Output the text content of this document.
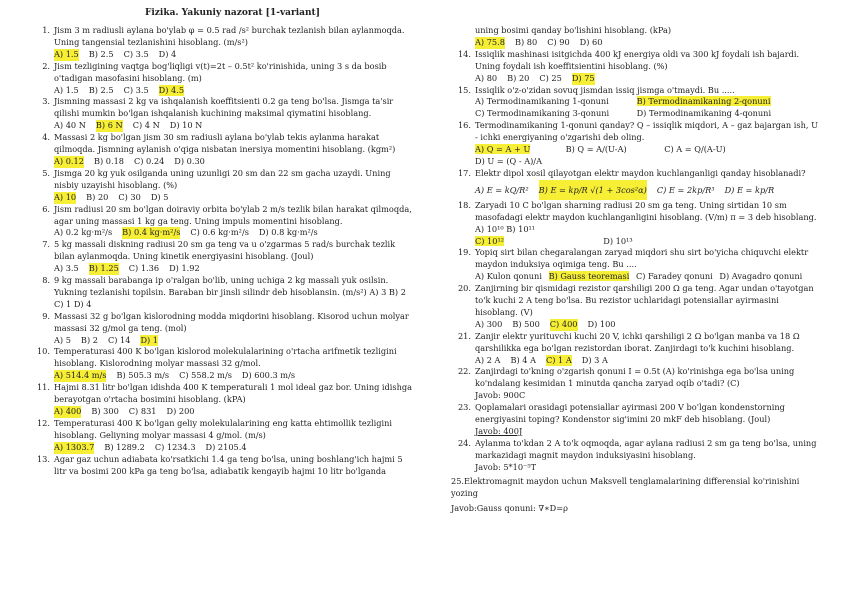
Fizika. Yakuniy nazorat [1-variant]
1. Jism 3 m radiusli aylana bo'ylab φ = 0.5 rad /s² burchak tezlanish bilan aylanmoqda. Uning tangensial tezlanishini hisoblang. (m/s²)
A) 1.5 B) 2.5 C) 3.5 D) 4
2. Jism tezligining vaqtga bog'liqligi v(t)=2t – 0.5t² ko'rinishida, uning 3 s da bosib o'tadigan masofasini hisoblang. (m)
A) 1.5 B) 2.5 C) 3.5 D) 4.5
3. Jismning massasi 2 kg va ishqalanish koeffitsienti 0.2 ga teng bo'lsa. Jismga ta'sir qilishi mumkin bo'lgan ishqalanish kuchining maksimal qiymatini hisoblang.
A) 40 N B) 6 N C) 4 N D) 10 N
4. Massasi 2 kg bo'lgan jism 30 sm radiusli aylana bo'ylab tekis aylanma harakat qilmoqda. Jismning aylanish o'qiga nisbatan inersiya momentini hisoblang. (kgm²)
A) 0.12 B) 0.18 C) 0.24 D) 0.30
5. Jismga 20 kg yuk osilganda uning uzunligi 20 sm dan 22 sm gacha uzaydi. Uning nisbiy uzayishi hisoblang. (%)
A) 10 B) 20 C) 30 D) 5
6. Jism radiusi 20 sm bo'lgan doiraviy orbita bo'ylab 2 m/s tezlik bilan harakat qilmoqda, agar uning massasi 1 kg ga teng. Uning impuls momentini hisoblang.
A) 0.2 kg·m²/s B) 0.4 kg·m²/s C) 0.6 kg·m²/s D) 0.8 kg·m²/s
7. 5 kg massali diskning radiusi 20 sm ga teng va u o'zgarmas 5 rad/s burchak tezlik bilan aylanmoqda. Uning kinetik energiyasini hisoblang. (Joul)
A) 3.5 B) 1.25 C) 1.36 D) 1.92
8. 9 kg massali barabanga ip o'ralgan bo'lib, uning uchiga 2 kg massali yuk osilsin. Yukning tezlanishi topilsin. Baraban bir jinsli silindr deb hisoblansin. (m/s²) A) 3 B) 2 C) 1 D) 4
9. Massasi 32 g bo'lgan kislorodning modda miqdorini hisoblang. Kisorod uchun molyar massasi 32 g/mol ga teng. (mol)
A) 5 B) 2 C) 14 D) 1
10. Temperaturasi 400 K bo'lgan kislorod molekulalarining o'rtacha arifmetik tezligini hisoblang. Kislorodning molyar massasi 32 g/mol.
A) 514.4 m/s B) 505.3 m/s C) 558.2 m/s D) 600.3 m/s
11. Hajmi 8.31 litr bo'lgan idishda 400 K temperaturali 1 mol ideal gaz bor. Uning idishga berayotgan o'rtacha bosimini hisoblang. (kPA)
A) 400 B) 300 C) 831 D) 200
12. Temperaturasi 400 K bo'lgan geliy molekulalarining eng katta ehtimollik tezligini hisoblang. Geliyning molyar massasi 4 g/mol. (m/s)
A) 1303.7 B) 1289.2 C) 1234.3 D) 2105.4
13. Agar gaz uchun adiabata ko'rsatkichi 1.4 ga teng bo'lsa, uning boshlang'ich hajmi 5 litr va bosimi 200 kPa ga teng bo'lsa, adiabatik kengayib hajmi 10 litr bo'lganda
uning bosimi qanday bo'lishini hisoblang. (kPa)
A) 75.8 B) 80 C) 90 D) 60
14. Issiqlik mashinasi isitgichda 400 kJ energiya oldi va 300 kJ foydali ish bajardi. Uning foydali ish koeffitsientini hisoblang. (%)
A) 80 B) 20 C) 25 D) 75
15. Issiqlik o'z-o'zidan sovuq jismdan issiq jismga o'tmaydi. Bu .....
A) Termodinamikaning 1-qonuni	B) Termodinamikaning 2-qonuni
C) Termodinamikaning 3-qonuni	D) Termodinamikaning 4-qonuni
16. Termodinamikaning 1-qonuni qanday? Q – issiqlik miqdori, A – gaz bajargan ish, U - ichki energiyaning o'zgarishi deb oling.
A) Q = A + U	B) Q = A/(U-A)	C) A = Q/(A-U) D) U = (Q - A)/A
17. Elektr dipol xosil qilayotgan elektr maydon kuchlanganligi qanday hisoblanadi?
A) E = kQ/R² B) E = kp/R √(1 + 3cos²α) C) E = 2kp/R³ D) E = kp/R
18. Zaryadi 10 C bo'lgan sharning radiusi 20 sm ga teng. Uning sirtidan 10 sm masofadagi elektr maydon kuchlanganligini hisoblang. (V/m) π = 3 deb hisoblang. A) 10¹⁰ B) 10¹¹
C) 10¹²	D) 10¹³
19. Yopiq sirt bilan chegaralangan zaryad miqdori shu sirt bo'yicha chiquvchi elektr maydon induksiya oqimiga teng. Bu ....
A) Kulon qonuni B) Gauss teoremasi C) Faradey qonuni D) Avagadro qonuni
20. Zanjirning bir qismidagi rezistor qarshiligi 200 Ω ga teng. Agar undan o'tayotgan to'k kuchi 2 A teng bo'lsa. Bu rezistor uchlaridagi potensiallar ayirmasini hisoblang. (V)
A) 300 B) 500 C) 400 D) 100
21. Zanjir elektr yurituvchi kuchi 20 V, ichki qarshiligi 2 Ω bo'lgan manba va 18 Ω qarshilikka ega bo'lgan rezistordan iborat. Zanjirdagi to'k kuchini hisoblang.
A) 2 A B) 4 A C) 1 A D) 3 A
22. Zanjirdagi to'kning o'zgarish qonuni I = 0.5t (A) ko'rinishga ega bo'lsa uning ko'ndalang kesimidan 1 minutda qancha zaryad oqib o'tadi? (C)
Javob: 900C
23. Qoplamalari orasidagi potensiallar ayirmasi 200 V bo'lgan kondenstorning energiyasini toping? Kondenstor sig'imini 20 mkF deb hisoblang. (Joul)
Javob: 400J
24. Aylanma to'kdan 2 A to'k oqmoqda, agar aylana radiusi 2 sm ga teng bo'lsa, uning markazidagi magnit maydon induksiyasini hisoblang.
Javob: 5*10⁻⁵T
25.Elektromagnit maydon uchun Maksvell tenglamalarining differensial ko'rinishini yozing
Javob:Gauss qonuni: ∇∗D=ρ
